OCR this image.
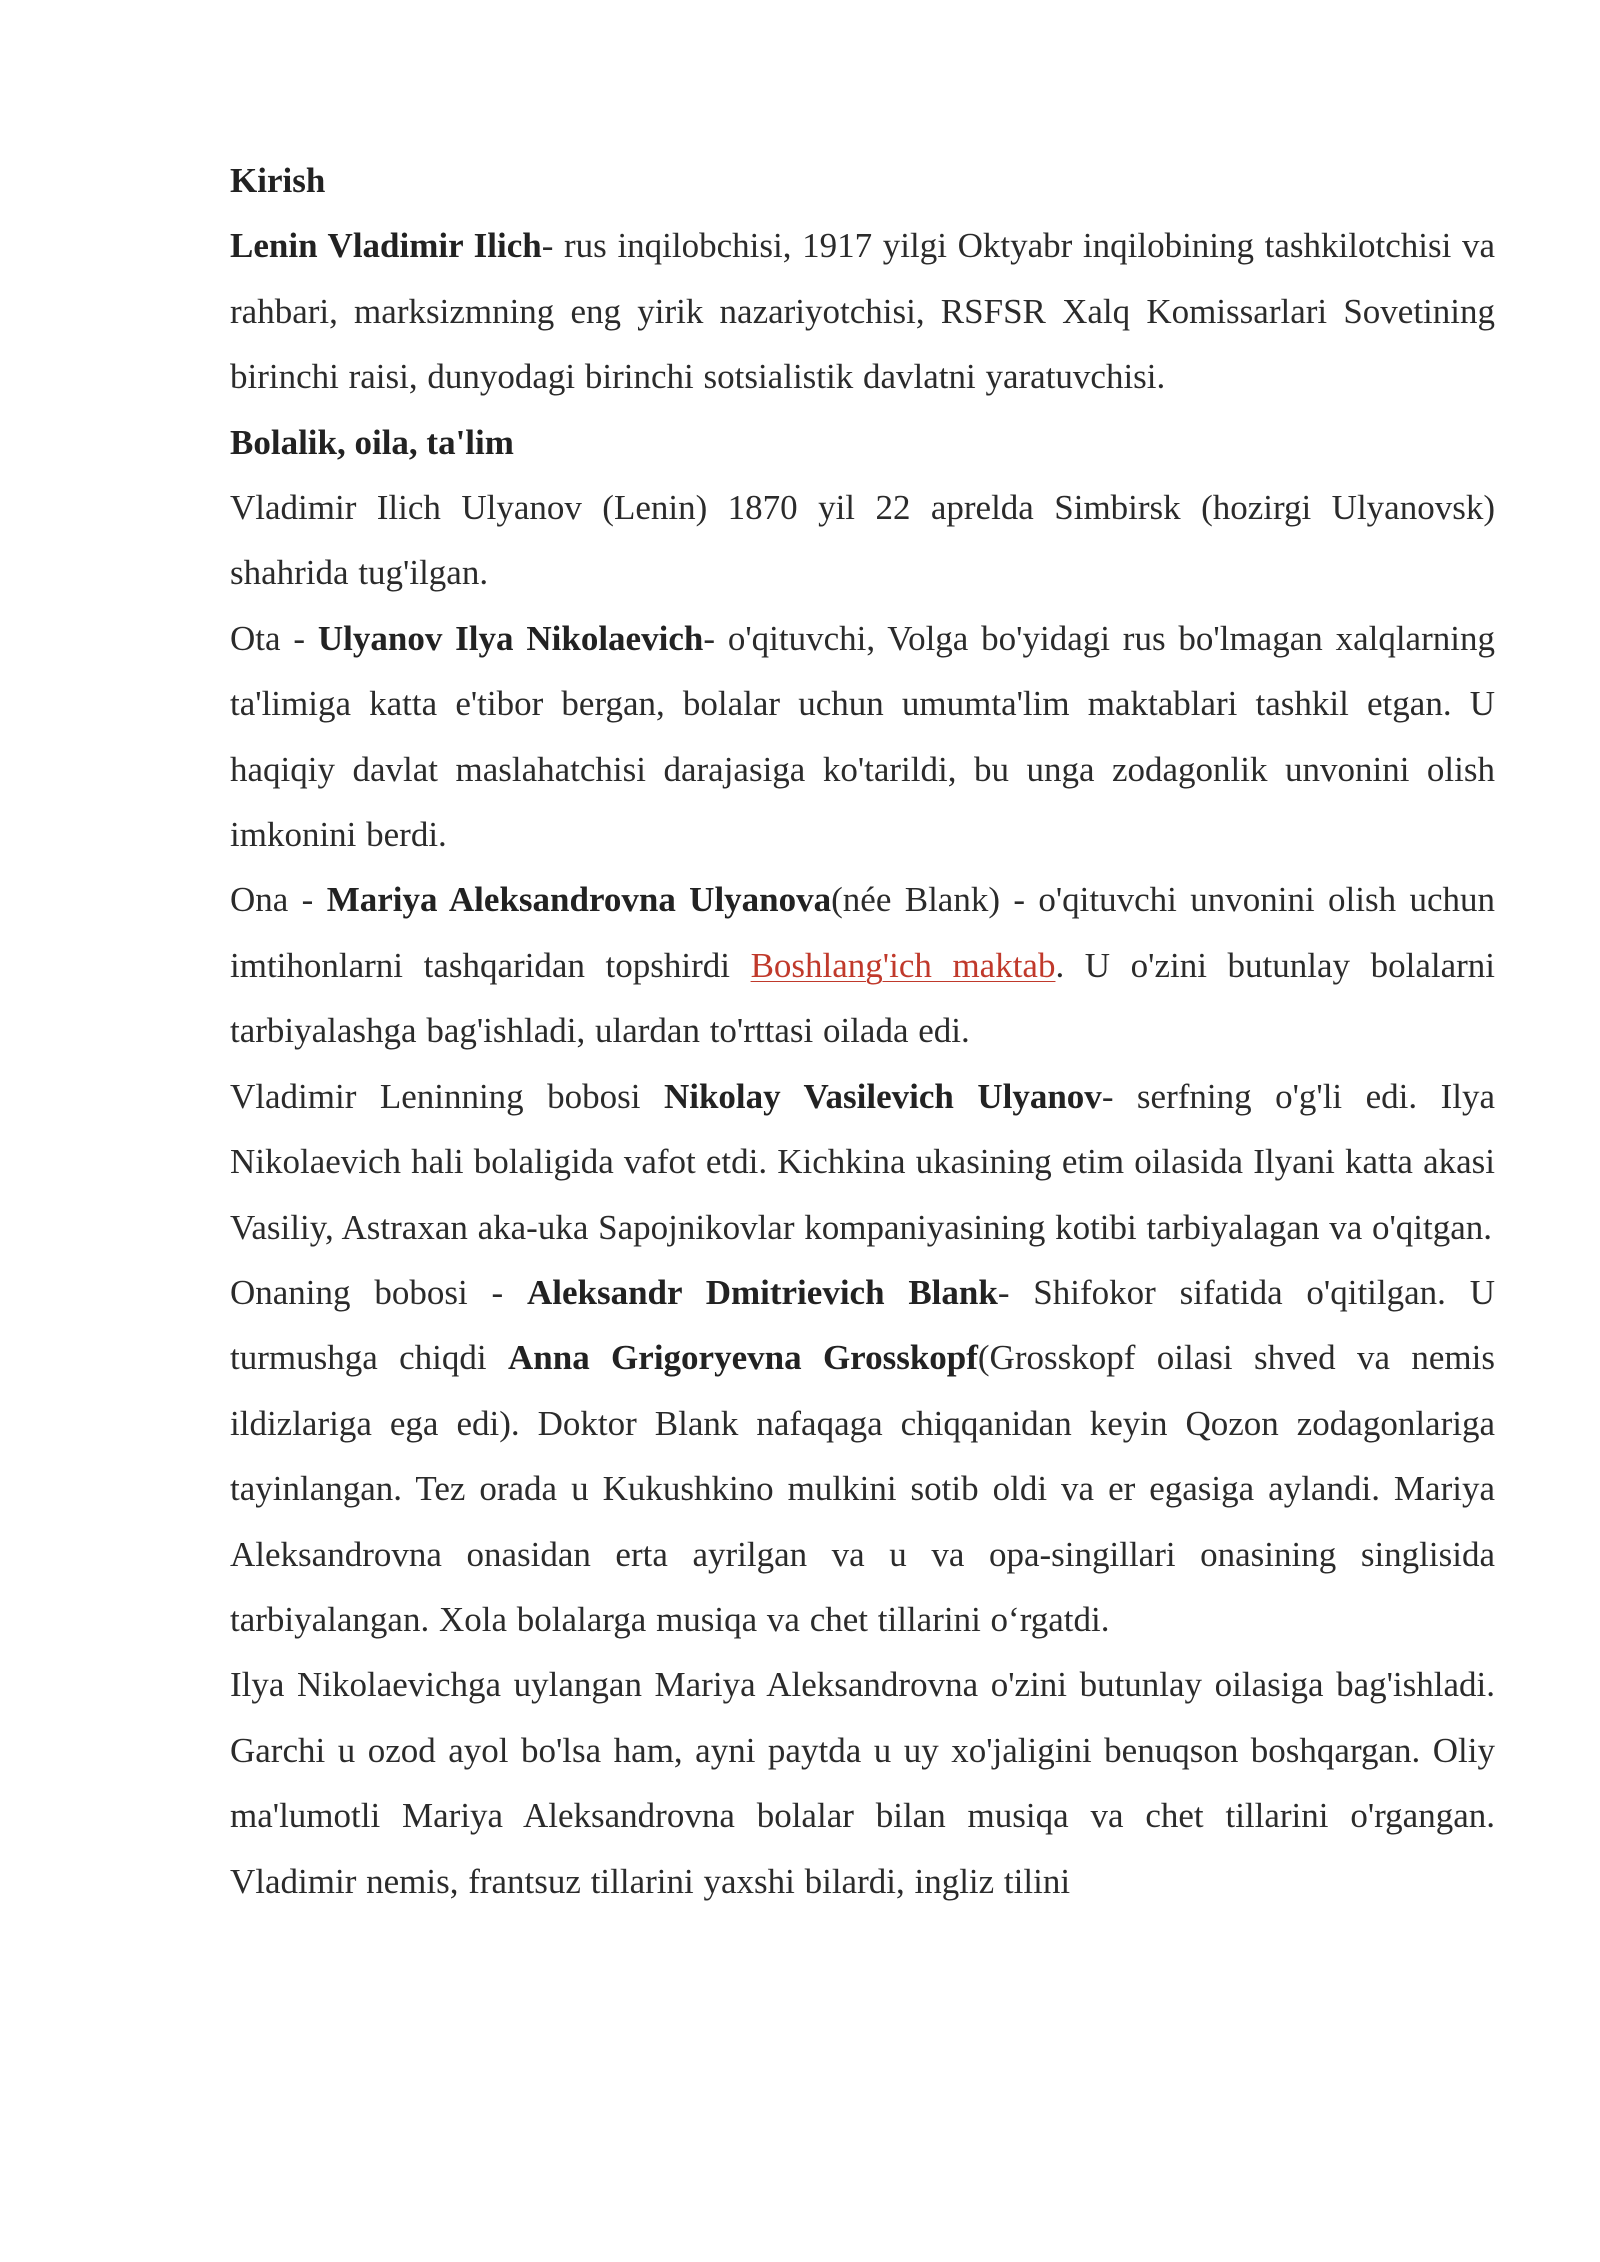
Kirish

Lenin Vladimir Ilich- rus inqilobchisi, 1917 yilgi Oktyabr inqilobining tashkilotchisi va rahbari, marksizmning eng yirik nazariyotchisi, RSFSR Xalq Komissarlari Sovetining birinchi raisi, dunyodagi birinchi sotsialistik davlatni yaratuvchisi.

Bolalik, oila, ta'lim

Vladimir Ilich Ulyanov (Lenin) 1870 yil 22 aprelda Simbirsk (hozirgi Ulyanovsk) shahrida tug'ilgan.

Ota - Ulyanov Ilya Nikolaevich- o'qituvchi, Volga bo'yidagi rus bo'lmagan xalqlarning ta'limiga katta e'tibor bergan, bolalar uchun umumta'lim maktablari tashkil etgan. U haqiqiy davlat maslahatchisi darajasiga ko'tarildi, bu unga zodagonlik unvonini olish imkonini berdi.

Ona - Mariya Aleksandrovna Ulyanova(née Blank) - o'qituvchi unvonini olish uchun imtihonlarni tashqaridan topshirdi Boshlang'ich maktab. U o'zini butunlay bolalarni tarbiyalashga bag'ishladi, ulardan to'rttasi oilada edi.

Vladimir Leninning bobosi Nikolay Vasilevich Ulyanov- serfning o'g'li edi. Ilya Nikolaevich hali bolaligida vafot etdi. Kichkina ukasining etim oilasida Ilyani katta akasi Vasiliy, Astraxan aka-uka Sapojnikovlar kompaniyasining kotibi tarbiyalagan va o'qitgan.

Onaning bobosi - Aleksandr Dmitrievich Blank- Shifokor sifatida o'qitilgan. U turmushga chiqdi Anna Grigoryevna Grosskopf(Grosskopf oilasi shved va nemis ildizlariga ega edi). Doktor Blank nafaqaga chiqqanidan keyin Qozon zodagonlariga tayinlangan. Tez orada u Kukushkino mulkini sotib oldi va er egasiga aylandi. Mariya Aleksandrovna onasidan erta ayrilgan va u va opa-singillari onasining singlisida tarbiyalangan. Xola bolalarga musiqa va chet tillarini o‘rgatdi.

Ilya Nikolaevichga uylangan Mariya Aleksandrovna o'zini butunlay oilasiga bag'ishladi. Garchi u ozod ayol bo'lsa ham, ayni paytda u uy xo'jaligini benuqson boshqargan. Oliy ma'lumotli Mariya Aleksandrovna bolalar bilan musiqa va chet tillarini o'rgangan. Vladimir nemis, frantsuz tillarini yaxshi bilardi, ingliz tilini
